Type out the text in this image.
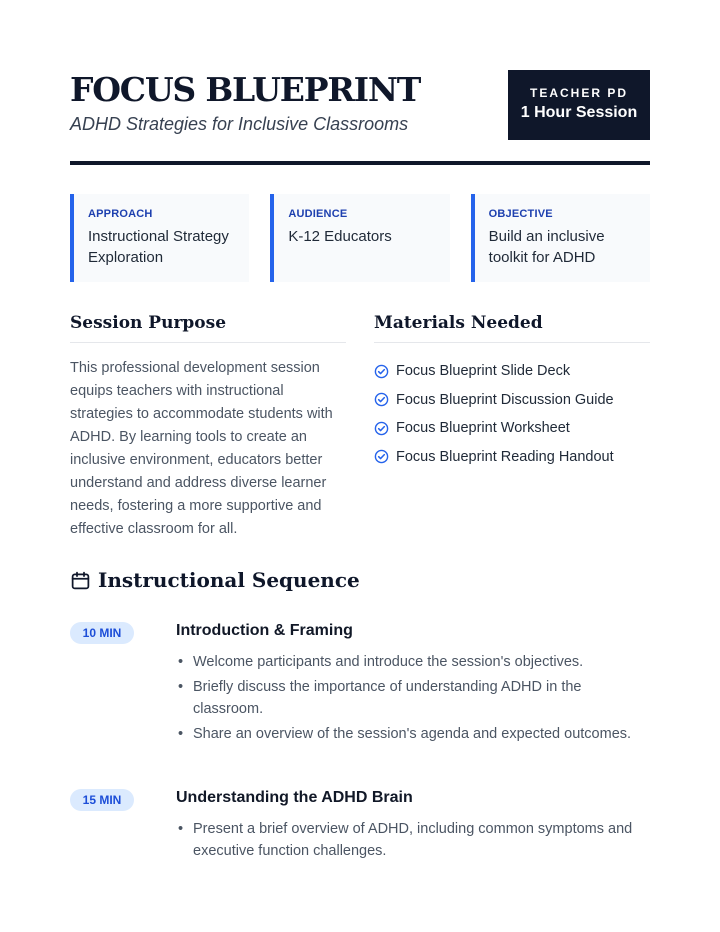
FOCUS BLUEPRINT
ADHD Strategies for Inclusive Classrooms
TEACHER PD
1 Hour Session
APPROACH
Instructional Strategy Exploration
AUDIENCE
K-12 Educators
OBJECTIVE
Build an inclusive toolkit for ADHD
Session Purpose
This professional development session equips teachers with instructional strategies to accommodate students with ADHD. By learning tools to create an inclusive environment, educators better understand and address diverse learner needs, fostering a more supportive and effective classroom for all.
Materials Needed
Focus Blueprint Slide Deck
Focus Blueprint Discussion Guide
Focus Blueprint Worksheet
Focus Blueprint Reading Handout
Instructional Sequence
10 MIN	Introduction & Framing
• Welcome participants and introduce the session's objectives.
• Briefly discuss the importance of understanding ADHD in the classroom.
• Share an overview of the session's agenda and expected outcomes.
15 MIN	Understanding the ADHD Brain
• Present a brief overview of ADHD, including common symptoms and executive function challenges.
